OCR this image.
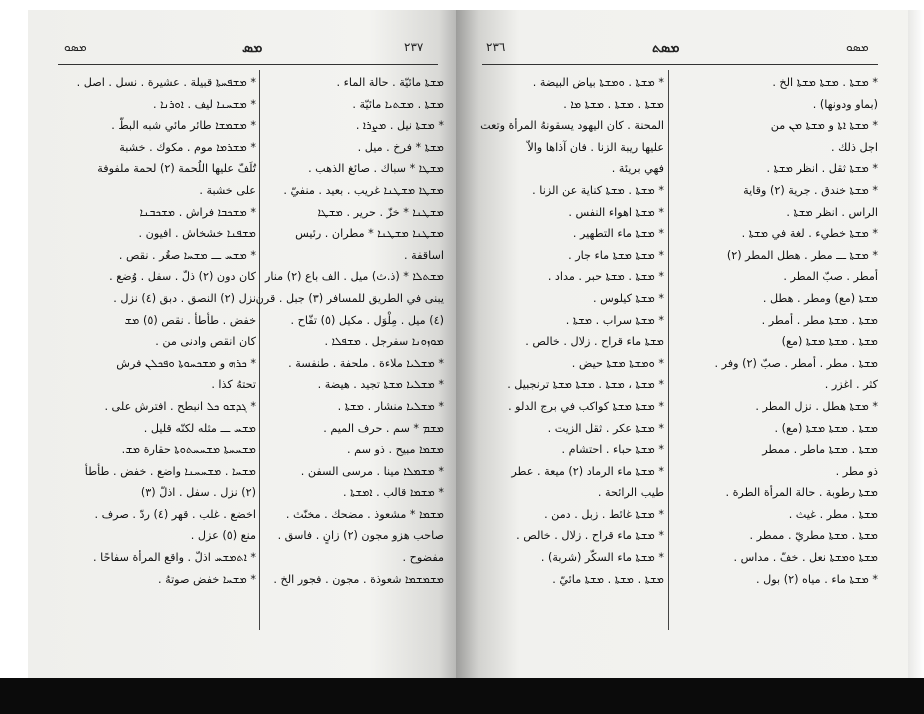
ܡܣܘ	ܡܣ	٢٣٧
* ܡܫܦܚܬܐ قبيلة . عشيرة . نسل . اصل .
* ܡܫܚܢܐ ليف . ܐܘܪܢܐ .
* ܡܫܡܫܐ طائر مائي شبه البطّ .
* ܡܫܪܡܐ موم . مكوك . خشبة
تُلَفّ عليها اللُحمة (٢) لحمة ملفوفة
على خشبة .
* ܡܫܟܒܐ فراش . ܡܫܟܒܢܐ
ܡܫܦܢܐ خشخاش . افيون .
* ܡܫܚ ـــ ܡܫܚܐ صغُر . نقص .
كان دون (٢) ذلّ . سفل . وُضع .
نزل (٢) النصق . دبق (٤) نزل .
خفض . طأطأ . نقص (٥) ܡܫ
كان انقص وادنى من .
* ܟܪܗ و ܡܫܟܚܘܬܐ ܘܦܟܠܢ فرش
تحتهُ كذا .
* ܓܕܫܘ ܟܠ انبطح . افترش على .
ܡܫܚ ـــ مثله لكنّه قليل .
ܡܫܚܚܬܐ ܡܫܚܚܬܘܬܐ حقارة ܡܫ.
ܡܫܚܐ . ܡܫܚܚܢܐ واضع . خفض . طأطأ
(٢) نزل . سفل . اذلّ (٣)
اخضع . غلب . قهر (٤) ردّ . صرف .
منع (٥) عزل .
* ܐܬܡܫܚ اذلّ . واقع المرأة سفاحًا .
* ܡܫܚܐ خفض صوتهُ .
ܡܫܬܐ مائيّة . حالة الماء .
ܡܫܬܐ . ܡܫܬܝܐ مائيّة .
* ܡܫܬܐ نيل . ܡܨܪܐ .
ܡܫܬܐ * فرخ . ميل .
ܡܫܛܐ * سباك . صائغ الذهب .
ܡܫܛܐ ܡܫܛܢܐ غريب . بعيد . منفيّ .
ܡܫܛܢܐ * خزّ . حرير . ܡܫܛܐ
ܡܫܛܢܐ ܡܫܛܢܐ * مطران . رئيس
اساقفة .
ܡܫܬܠܐ * (ذ.ث) ميل . الف باع (٢) منار
يبنى في الطريق للمسافر (٣) جبل . قرن
(٤) ميل . مِلْوَل . مكيل (٥) تفّاح .
ܡܘܙܘܢܐ سفرجل . ܡܫܦܠܐ .
* ܡܫܠܝܐ ملاءة . ملحفة . طنفسة .
* ܡܫܠܝܐ ܡܫܬܐ تجيد . هيضة .
* ܡܫܠܝܐ منشار . ܡܫܬܐ .
ܡܫܡ * سم . حرف الميم .
ܡܫܡܐ مبيح . ذو سم .
* ܡܫܡܠܐ مينا . مرسى السفن .
* ܡܫܡܐ قالب . ܐܡܫܬܐ .
ܡܫܡܐ * مشعوذ . مضحك . مخنّث .
صاحب هزو مجون (٢) زانٍ . فاسق .
مفضوح .
ܡܫܡܫܡܐ شعوذة . مجون . فجور الخ .
٢٣٦	ܡܣܬ	ܡܣܘ
* ܡܫܬܐ . ܘܡܫܬܐ بياض البيضة .
ܡܫܬܐ . ܡܫܬܐ . ܡܫܬܐ ܡܐ .
المحنة . كان اليهود يسقونهُ المرأة وتعت
عليها ريبة الزنا . فان آذاها والاّ
فهي بريئة .
* ܡܫܬܐ . ܡܫܬܐ كناية عن الزنا .
* ܡܫܬܐ اهواء النفس .
* ܡܫܬܐ ماء التطهير .
* ܡܫܬܐ ܡܫܬܐ ماء جار .
* ܡܫܬܐ . ܡܫܬܐ حبر . مداد .
* ܡܫܬܐ كيلوس .
* ܡܫܬܐ سراب . ܡܫܬܐ .
ܡܫܬܐ ماء قراح . زلال . خالص .
* ܘܡܫܬܐ ܡܫܬܐ حيض .
* ܡܫܬܐ ، ܡܫܬܐ . ܡܫܬܐ ܡܫܬܐ ترنجبيل .
* ܡܫܬܐ ܡܫܬܐ كواكب في برج الدلو .
* ܡܫܬܐ عكر . ثقل الزيت .
* ܡܫܬܐ حباء . احتشام .
* ܡܫܬܐ ماء الرماد (٢) ميعة . عطر
طيب الرائحة .
* ܡܫܬܐ غائط . زبل . دمن .
* ܡܫܬܐ ماء قراح . زلال . خالص .
* ܡܫܬܐ ماء السكّر (شربة) .
ܡܫܬܐ . ܡܫܬܐ . ܡܫܬܐ مائيّ .
* ܡܫܬܐ . ܡܫܬܐ ܡܫܬܐ الخ .
(بماو ودونها) .
* ܡܫܬܐ ܐܬܐ و ܡܫܬܐ ܡܢ من
اجل ذلك .
* ܡܫܬܐ ثقل . انظر ܡܫܬܐ .
* ܡܫܬܐ خندق . جرية (٢) وقاية
الراس . انظر ܡܫܬܐ .
* ܡܫܬܐ خطيء . لغة في ܡܫܬܐ .
* ܡܫܬܐ ـــ مطر . هطل المطر (٢)
أمطر . صبّ المطر .
ܡܫܬܐ (مع) ومطر . هطل .
ܡܫܬܐ . ܡܫܬܐ مطر . أمطر .
ܡܫܬܐ . ܡܫܬܐ ܡܫܬܐ (مع)
ܡܫܬܐ . مطر . أمطر . صبّ (٢) وفر .
كثر . اغزر .
* ܡܫܬܐ هطل . نزل المطر .
ܡܫܬܐ . ܡܫܬܐ ܡܫܬܐ (مع) .
ܡܫܬܐ . ܡܫܬܐ ماطر . ممطر
ذو مطر .
ܡܫܬܐ رطوبة . حالة المرأة الطرة .
ܡܫܬܐ . مطر . غيث .
ܡܫܬܐ . ܡܫܬܐ مطريّ . ممطر .
ܡܫܬܐ ܘܡܫܬܐ نعل . خفّ . مداس .
* ܡܫܬܐ ماء . مياه (٢) بول .
